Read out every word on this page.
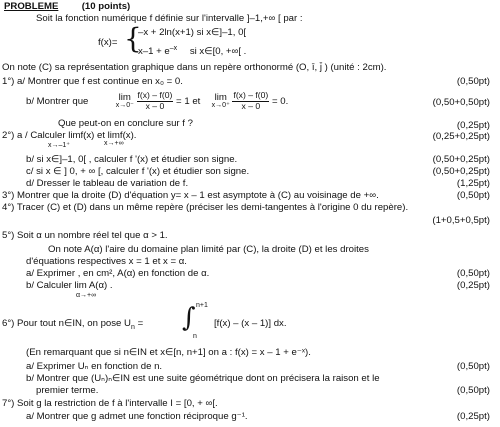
PROBLEME (10 points)
Soit la fonction numérique f définie sur l'intervalle ]–1,+∞ [ par :
f(x)= {
–x + 2ln(x+1) si x∈]–1, 0[
$x-1 + e^{-x}$ si x∈[0, +∞[ .
On note (C) sa représentation graphique dans un repère orthonormé (O, ī, j̄ ) (unité : 2cm).
1°) a/ Montrer que f est continue en x₀ = 0.	(0,50pt)
b/ Montrer que	lim
x→0⁻
$\frac{f(x) - f(0)}{x - 0} = 1$ et lim
x→0⁺
$\frac{f(x) - f(0)}{x - 0} = 0$.	(0,50+0,50pt)
Que peut-on en conclure sur f ?	(0,25pt)
2°) a / Calculer limf(x) et limf(x).
x→–1⁺	x→+∞
(0,25+0,25pt)
b/ si x∈]–1, 0[ , calculer f '(x) et étudier son signe.	(0,50+0,25pt)
c/ si x ∈ ] 0, + ∞ [, calculer f '(x) et étudier son signe.	(0,50+0,25pt)
d/ Dresser le tableau de variation de f.	(1,25pt)
3°) Montrer que la droite (D) d'équation y= x – 1 est asymptote à (C) au voisinage de +∞.	(0,50pt)
4°) Tracer (C) et (D) dans un même repère (préciser les demi-tangentes à l'origine 0 du repère).
(1+0,5+0,5pt)
5°) Soit α un nombre réel tel que α > 1.
On note A(α) l'aire du domaine plan limité par (C), la droite (D) et les droites
d'équations respectives x = 1 et x = α.
a/ Exprimer , en cm², A(α) en fonction de α.	(0,50pt)
b/ Calculer lim A(α) .
α→+∞
(0,25pt)
6°) Pour tout n∈IN, on pose $U_n$ = ∫ n+1
n
[f(x) – (x – 1)] dx.
(En remarquant que si n∈IN et x∈[n, n+1] on a : f(x) = x – 1 + e⁻ˣ).
a/ Exprimer Uₙ en fonction de n.	(0,50pt)
b/ Montrer que (Uₙ)ₙ∈IN est une suite géométrique dont on précisera la raison et le
premier terme.	(0,50pt)
7°) Soit g la restriction de f à l'intervalle I = [0, + ∞[.
a/ Montrer que g admet une fonction réciproque g⁻¹.	(0,25pt)
